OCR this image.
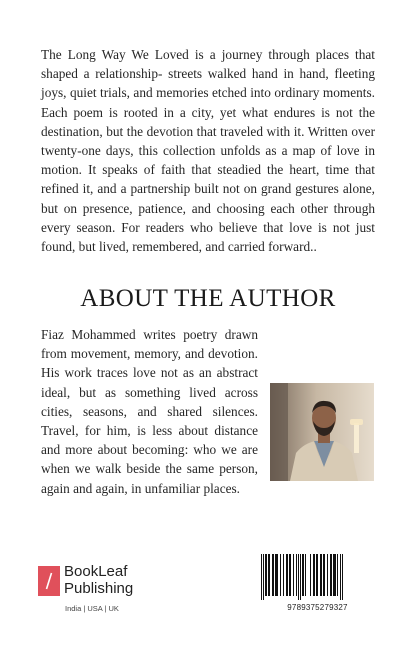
The Long Way We Loved is a journey through places that shaped a relationship- streets walked hand in hand, fleeting joys, quiet trials, and memories etched into ordinary moments. Each poem is rooted in a city, yet what endures is not the destination, but the devotion that traveled with it. Written over twenty-one days, this collection unfolds as a map of love in motion. It speaks of faith that steadied the heart, time that refined it, and a partnership built not on grand gestures alone, but on presence, patience, and choosing each other through every season. For readers who believe that love is not just found, but lived, remembered, and carried forward..

ABOUT THE AUTHOR

Fiaz Mohammed writes poetry drawn from movement, memory, and devotion. His work traces love not as an abstract ideal, but as something lived across cities, seasons, and shared silences. Travel, for him, is less about distance and more about becoming: who we are when we walk beside the same person, again and again, in unfamiliar places.

BookLeaf
Publishing
India | USA | UK	9789375279327
